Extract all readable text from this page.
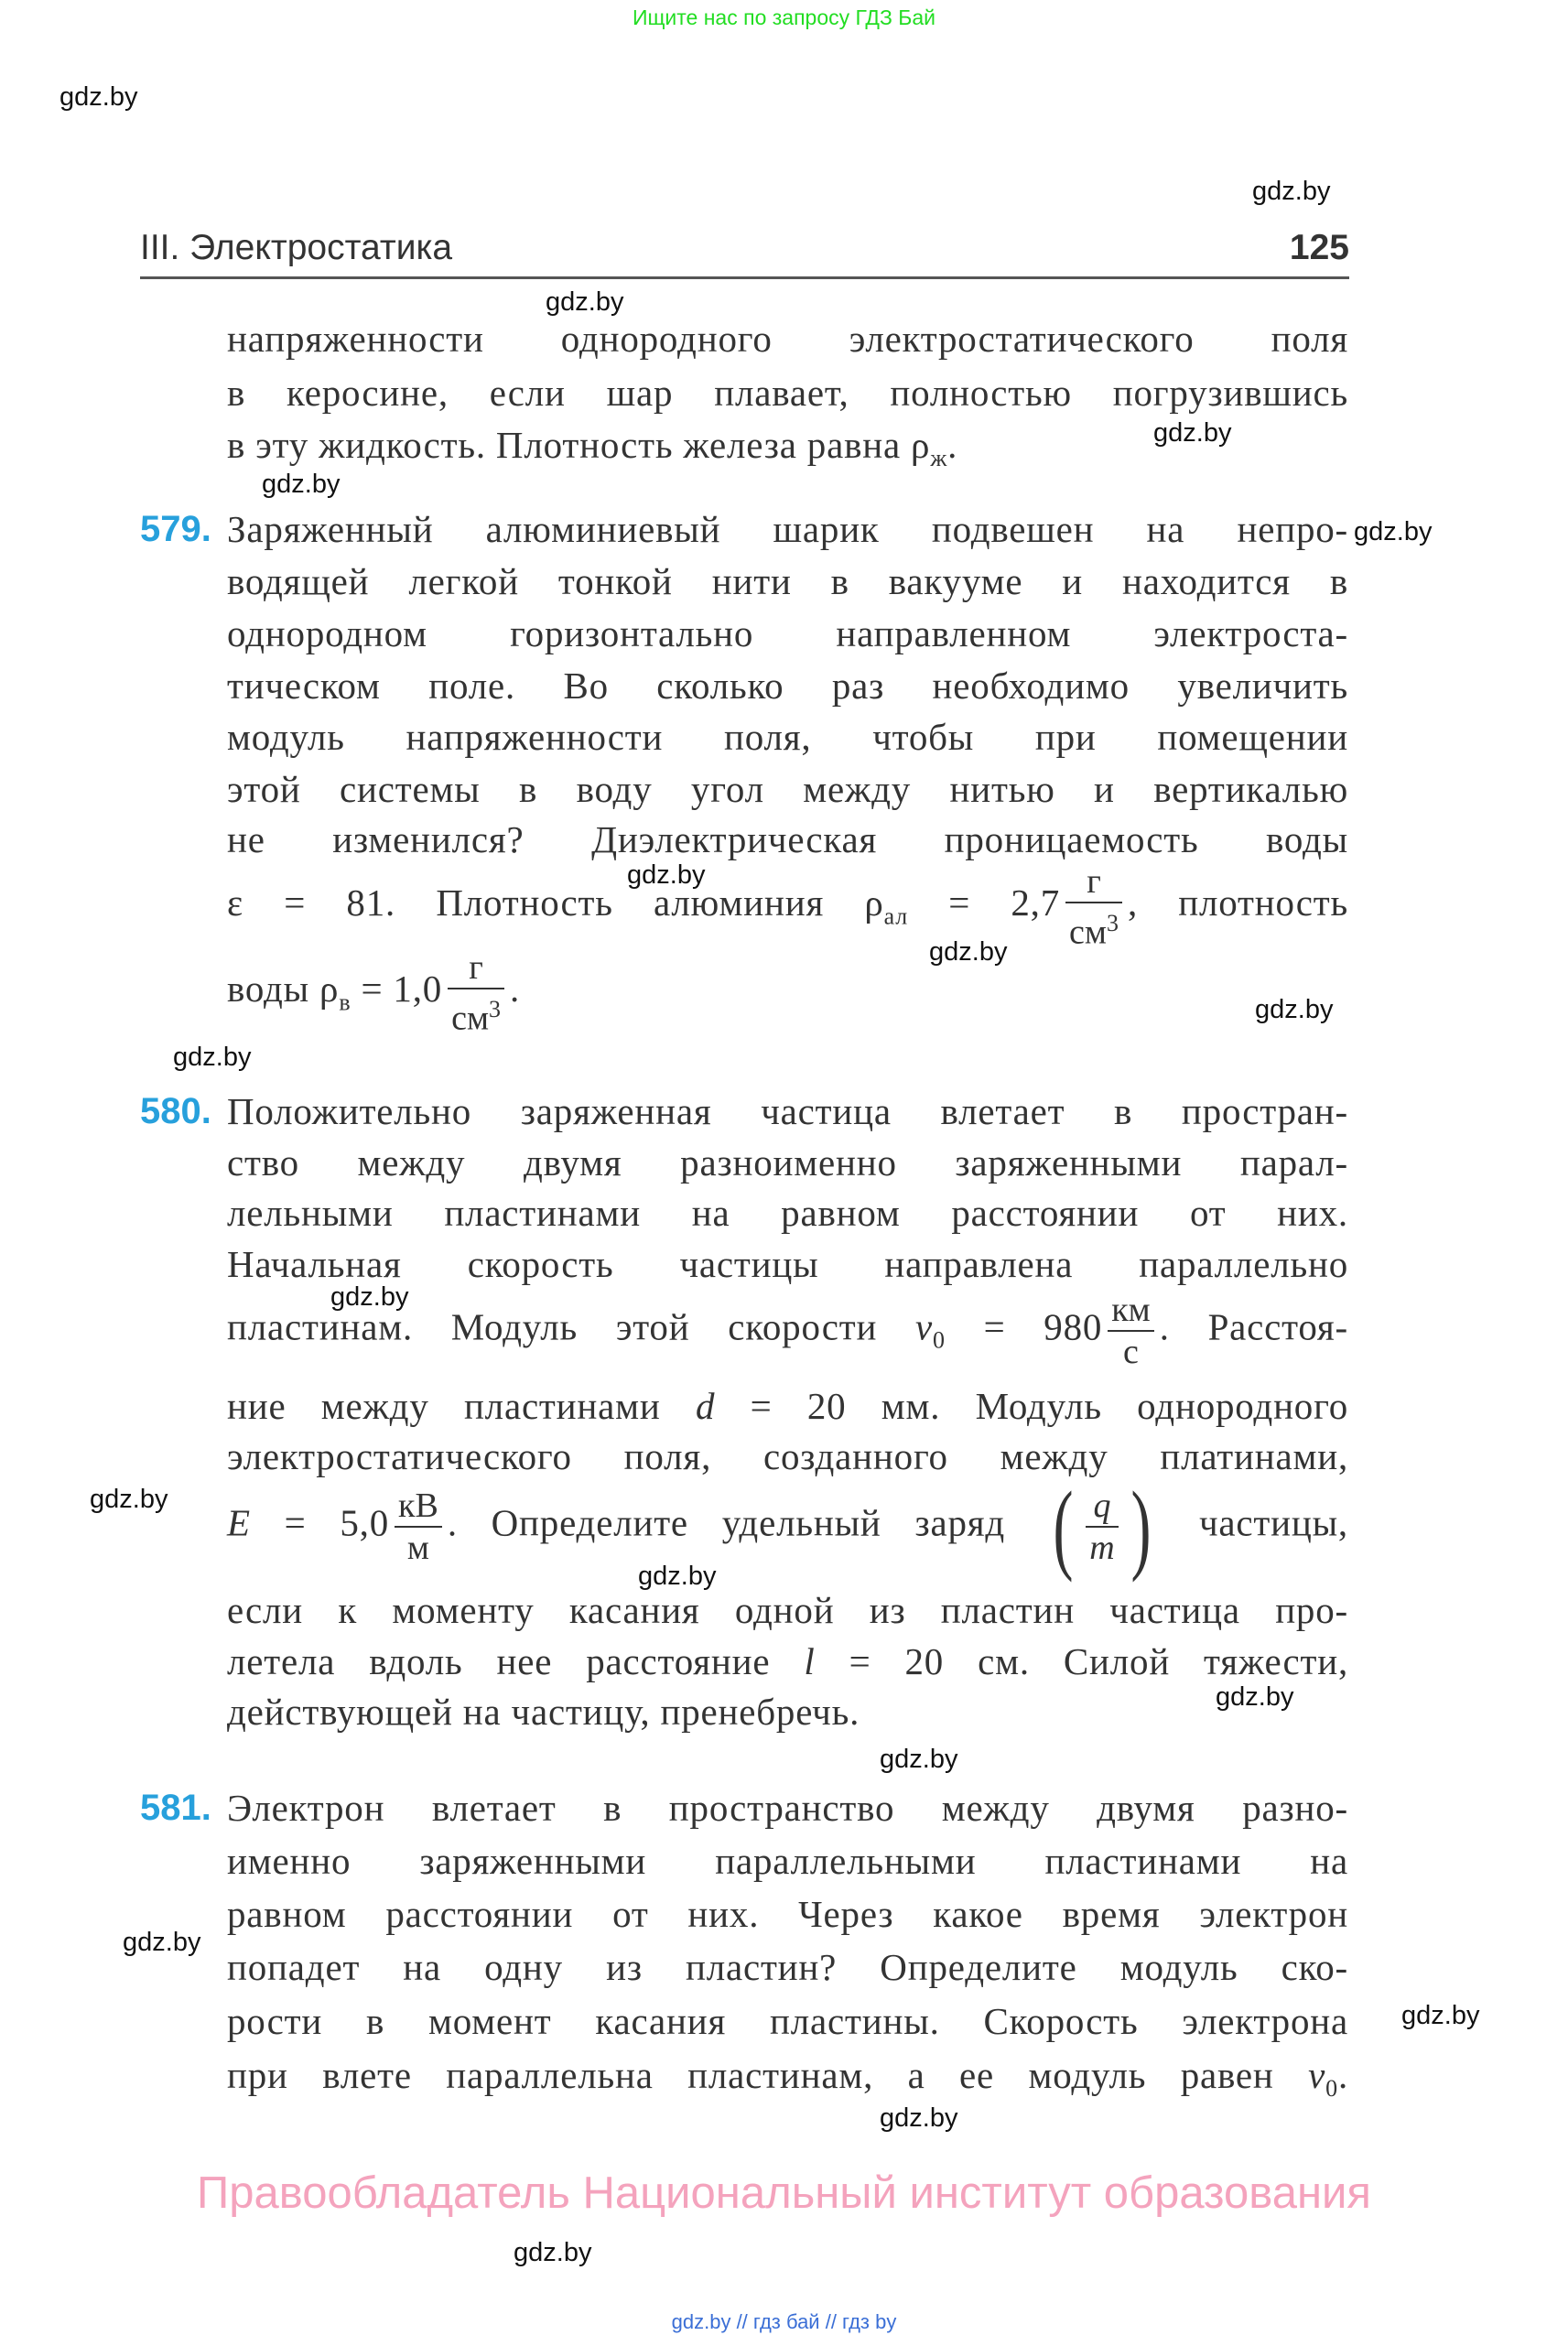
Ищите нас по запросу ГДЗ Бай
gdz.by
gdz.by
III. Электростатика	125
gdz.by
напряженности однородного электростатического поля
в керосине, если шар плавает, полностью погрузившись
в эту жидкость. Плотность железа равна $\rho_ж$.	gdz.by
gdz.by
579. Заряженный алюминиевый шарик подвешен на непро-
водящей легкой тонкой нити в вакууме и находится в
однородном горизонтально направленном электроста-
тическом поле. Во сколько раз необходимо увеличить
модуль напряженности поля, чтобы при помещении
этой системы в воду угол между нитью и вертикалью
не изменился? Диэлектрическая проницаемость воды
gdz.by
ε = 81. Плотность алюминия $\rho_{ал} = 2,7 \frac{г}{см^3}$ , плотность
воды $\rho_в = 1,0 \frac{г}{см^3}$ .
gdz.by
gdz.by
gdz.by
gdz.by
580. Положительно заряженная частица влетает в простран-
ство между двумя разноименно заряженными парал-
лельными пластинами на равном расстоянии от них.
Начальная скорость частицы направлена параллельно
gdz.by
пластинам. Модуль этой скорости $v_0 = 980 \frac{км}{с}$ . Расстоя-
ние между пластинами d = 20 мм. Модуль однородного
электростатического поля, созданного между платинами,
gdz.by
$E = 5,0 \frac{кВ}{м}$ . Определите удельный заряд ( $\frac{q}{m}$ ) частицы,
gdz.by
если к моменту касания одной из пластин частица про-
летела вдоль нее расстояние l = 20 см. Силой тяжести,
действующей на частицу, пренебречь.	gdz.by
gdz.by
581. Электрон влетает в пространство между двумя разно-
именно заряженными параллельными пластинами на
равном расстоянии от них. Через какое время электрон
попадет на одну из пластин? Определите модуль ско-
рости в момент касания пластины. Скорость электрона
при влете параллельна пластинам, а ее модуль равен $v_0$.
gdz.by
gdz.by
gdz.by
Правообладатель Национальный институт образования
gdz.by
gdz.by // гдз бай // гдз by
